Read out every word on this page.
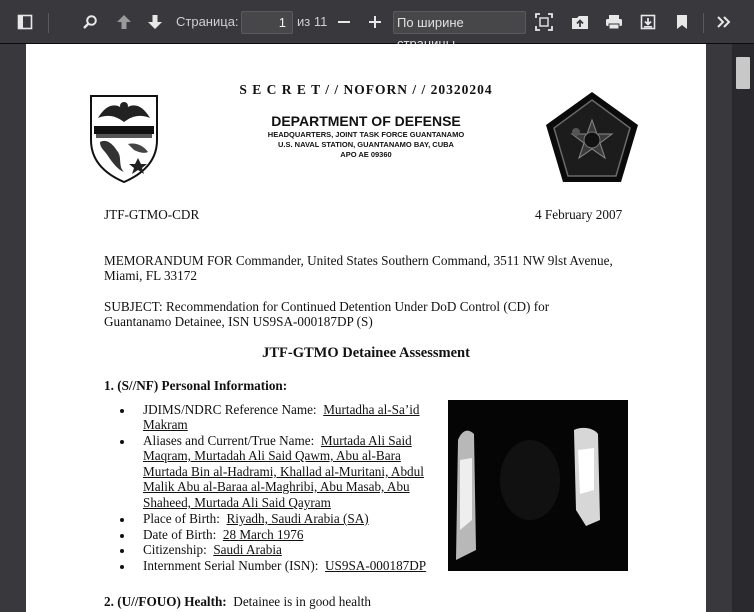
Страница:	1 из 11	По ширине
S E C R E T / / NOFORN / / 20320204
DEPARTMENT OF DEFENSE
HEADQUARTERS, JOINT TASK FORCE GUANTANAMO
U.S. NAVAL STATION, GUANTANAMO BAY, CUBA
APO AE 09360
JTF-GTMO-CDR	4 February 2007
MEMORANDUM FOR Commander, United States Southern Command, 3511 NW 9lst Avenue,
Miami, FL 33172
SUBJECT: Recommendation for Continued Detention Under DoD Control (CD) for
Guantanamo Detainee, ISN US9SA-000187DP (S)
JTF-GTMO Detainee Assessment
1. (S//NF) Personal Information:
JDIMS/NDRC Reference Name:  Murtadha al-Sa’id
Makram
Aliases and Current/True Name:  Murtada Ali Said
Maqram, Murtadah Ali Said Qawm, Abu al-Bara
Murtada Bin al-Hadrami, Khallad al-Muritani, Abdul
Malik Abu al-Baraa al-Maghribi, Abu Masab, Abu
Shaheed, Murtada Ali Said Qayram
Place of Birth:  Riyadh, Saudi Arabia (SA)
Date of Birth:  28 March 1976
Citizenship:  Saudi Arabia
Internment Serial Number (ISN):  US9SA-000187DP
2. (U//FOUO) Health:  Detainee is in good health
